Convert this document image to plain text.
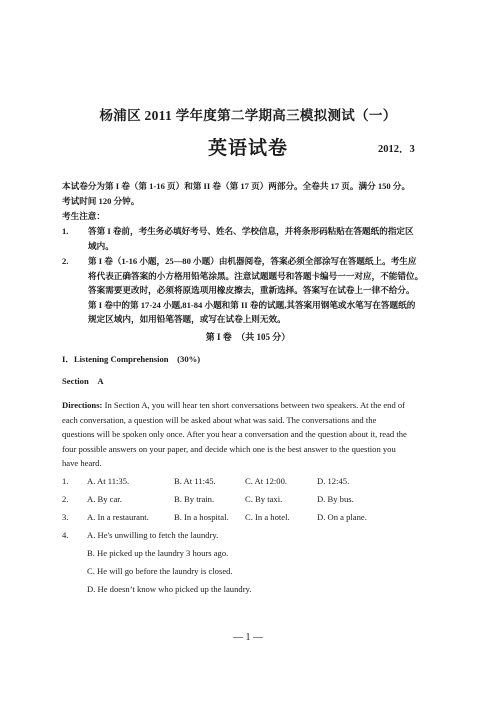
杨浦区 2011 学年度第二学期高三模拟测试（一）
英语试卷	2012．3
本试卷分为第 I 卷（第 1-16 页）和第 II 卷（第 17 页）两部分。全卷共 17 页。满分 150 分。
考试时间 120 分钟。
考生注意：
1. 答第 I 卷前，考生务必填好考号、姓名、学校信息，并将条形码粘贴在答题纸的指定区
域内。
2. 第 I 卷（1-16 小题，25—80 小题）由机器阅卷，答案必须全部涂写在答题纸上。考生应
将代表正确答案的小方格用铅笔涂黑。注意试题题号和答题卡编号一一对应，不能错位。
答案需要更改时，必须将原选项用橡皮擦去，重新选择。答案写在试卷上一律不给分。
第 I 卷中的第 17-24 小题,81-84 小题和第 II 卷的试题,其答案用钢笔或水笔写在答题纸的
规定区域内，如用铅笔答题，或写在试卷上则无效。
第 I 卷　（共 105 分）
I．Listening Comprehension　(30%)
Section　A
Directions: In Section A, you will hear ten short conversations between two speakers. At the end of
each conversation, a question will be asked about what was said. The conversations and the
questions will be spoken only once. After you hear a conversation and the question about it, read the
four possible answers on your paper, and decide which one is the best answer to the question you
have heard.
1. A. At 11:35.	B. At 11:45.	C. At 12:00.	D. 12:45.
2. A. By car.	B. By train.	C. By taxi.	D. By bus.
3. A. In a restaurant.	B. In a hospital. C. In a hotel.	D. On a plane.
4. A. He's unwilling to fetch the laundry.
B. He picked up the laundry 3 hours ago.
C. He will go before the laundry is closed.
D. He doesn’t know who picked up the laundry.
— 1 —
